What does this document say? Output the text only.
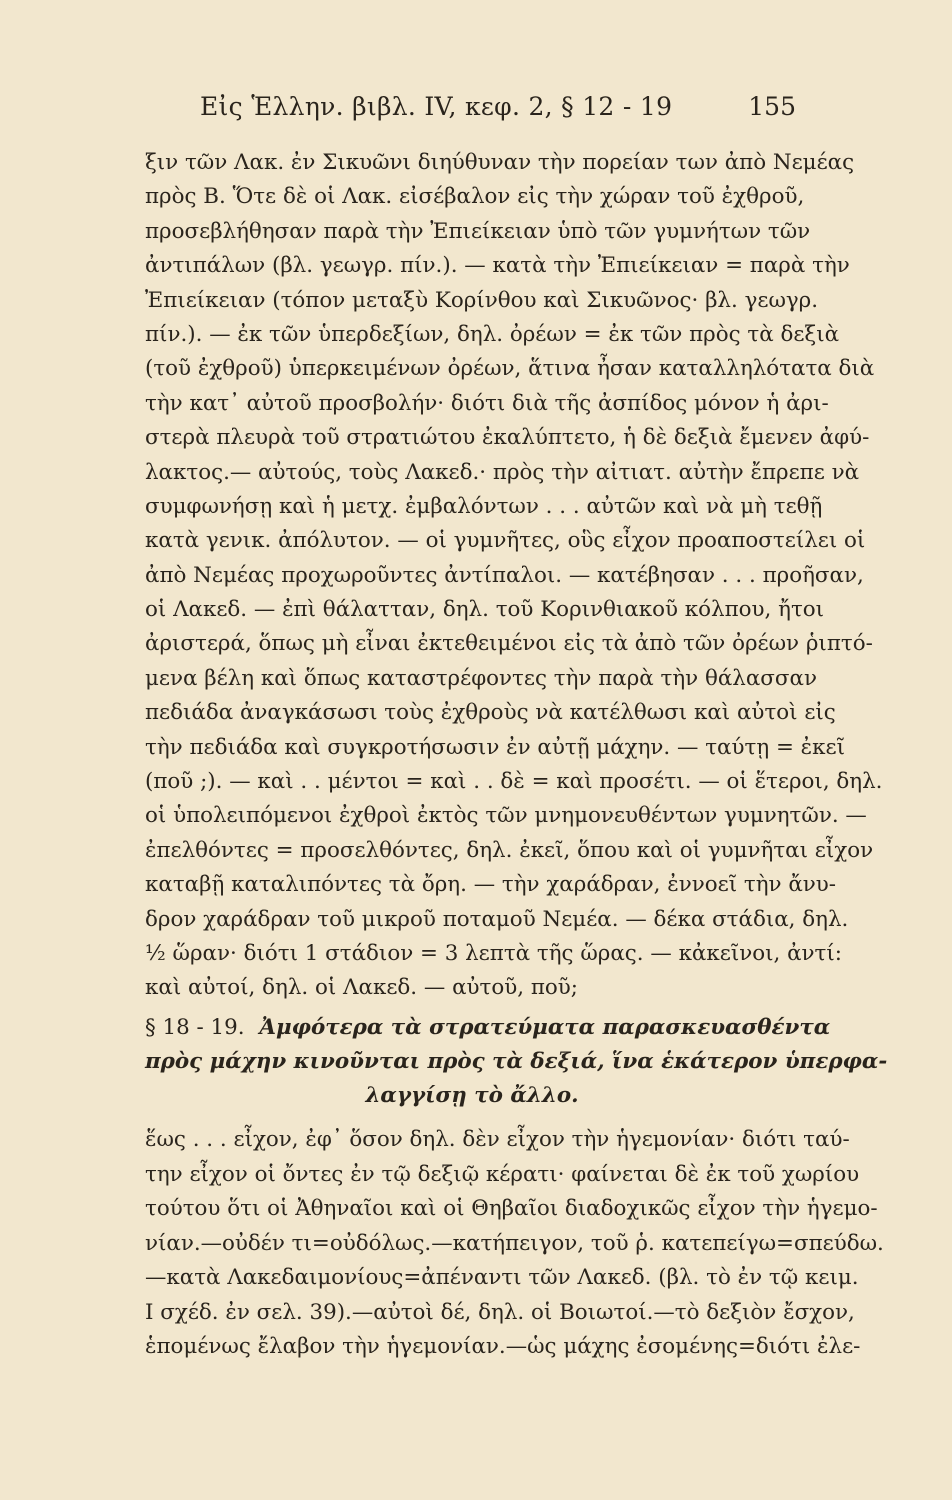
Εἰς Ἑλλην. βιβλ. IV, κεφ. 2, § 12 - 19	155
ξιν τῶν Λακ. ἐν Σικυῶνι διηύθυναν τὴν πορείαν των ἀπὸ Νεμέας
πρὸς Β. Ὅτε δὲ οἱ Λακ. εἰσέβαλον εἰς τὴν χώραν τοῦ ἐχθροῦ,
προσεβλήθησαν παρὰ τὴν Ἐπιείκειαν ὑπὸ τῶν γυμνήτων τῶν
ἀντιπάλων (βλ. γεωγρ. πίν.). — κατὰ τὴν Ἐπιείκειαν = παρὰ τὴν
Ἐπιείκειαν (τόπον μεταξὺ Κορίνθου καὶ Σικυῶνος· βλ. γεωγρ.
πίν.). — ἐκ τῶν ὑπερδεξίων, δηλ. ὀρέων = ἐκ τῶν πρὸς τὰ δεξιὰ
(τοῦ ἐχθροῦ) ὑπερκειμένων ὀρέων, ἅτινα ἦσαν καταλληλότατα διὰ
τὴν κατ᾽ αὐτοῦ προσβολήν· διότι διὰ τῆς ἀσπίδος μόνον ἡ ἀρι-
στερὰ πλευρὰ τοῦ στρατιώτου ἐκαλύπτετο, ἡ δὲ δεξιὰ ἔμενεν ἀφύ-
λακτος.— αὐτούς, τοὺς Λακεδ.· πρὸς τὴν αἰτιατ. αὐτὴν ἔπρεπε νὰ
συμφωνήσῃ καὶ ἡ μετχ. ἐμβαλόντων . . . αὐτῶν καὶ νὰ μὴ τεθῇ
κατὰ γενικ. ἀπόλυτον. — οἱ γυμνῆτες, οὓς εἶχον προαποστείλει οἱ
ἀπὸ Νεμέας προχωροῦντες ἀντίπαλοι. — κατέβησαν . . . προῆσαν,
οἱ Λακεδ. — ἐπὶ θάλατταν, δηλ. τοῦ Κορινθιακοῦ κόλπου, ἤτοι
ἀριστερά, ὅπως μὴ εἶναι ἐκτεθειμένοι εἰς τὰ ἀπὸ τῶν ὀρέων ῥιπτό-
μενα βέλη καὶ ὅπως καταστρέφοντες τὴν παρὰ τὴν θάλασσαν
πεδιάδα ἀναγκάσωσι τοὺς ἐχθροὺς νὰ κατέλθωσι καὶ αὐτοὶ εἰς
τὴν πεδιάδα καὶ συγκροτήσωσιν ἐν αὐτῇ μάχην. — ταύτῃ = ἐκεῖ
(ποῦ ;). — καὶ . . μέντοι = καὶ . . δὲ = καὶ προσέτι. — οἱ ἕτεροι, δηλ.
οἱ ὑπολειπόμενοι ἐχθροὶ ἐκτὸς τῶν μνημονευθέντων γυμνητῶν. —
ἐπελθόντες = προσελθόντες, δηλ. ἐκεῖ, ὅπου καὶ οἱ γυμνῆται εἶχον
καταβῇ καταλιπόντες τὰ ὄρη. — τὴν χαράδραν, ἐννοεῖ τὴν ἄνυ-
δρον χαράδραν τοῦ μικροῦ ποταμοῦ Νεμέα. — δέκα στάδια, δηλ.
½ ὥραν· διότι 1 στάδιον = 3 λεπτὰ τῆς ὥρας. — κἀκεῖνοι, ἀντί:
καὶ αὐτοί, δηλ. οἱ Λακεδ. — αὐτοῦ, ποῦ;
§ 18 - 19. Ἀμφότερα τὰ στρατεύματα παρασκευασθέντα
πρὸς μάχην κινοῦνται πρὸς τὰ δεξιά, ἵνα ἑκάτερον ὑπερφα-
λαγγίσῃ τὸ ἄλλο.
ἕως . . . εἶχον, ἐφ᾽ ὅσον δηλ. δὲν εἶχον τὴν ἡγεμονίαν· διότι ταύ-
την εἶχον οἱ ὄντες ἐν τῷ δεξιῷ κέρατι· φαίνεται δὲ ἐκ τοῦ χωρίου
τούτου ὅτι οἱ Ἀθηναῖοι καὶ οἱ Θηβαῖοι διαδοχικῶς εἶχον τὴν ἡγεμο-
νίαν.—οὐδέν τι=οὐδόλως.—κατήπειγον, τοῦ ῥ. κατεπείγω=σπεύδω.
—κατὰ Λακεδαιμονίους=ἀπέναντι τῶν Λακεδ. (βλ. τὸ ἐν τῷ κειμ.
I σχέδ. ἐν σελ. 39).—αὐτοὶ δέ, δηλ. οἱ Βοιωτοί.—τὸ δεξιὸν ἔσχον,
ἑπομένως ἔλαβον τὴν ἡγεμονίαν.—ὡς μάχης ἐσομένης=διότι ἐλε-
